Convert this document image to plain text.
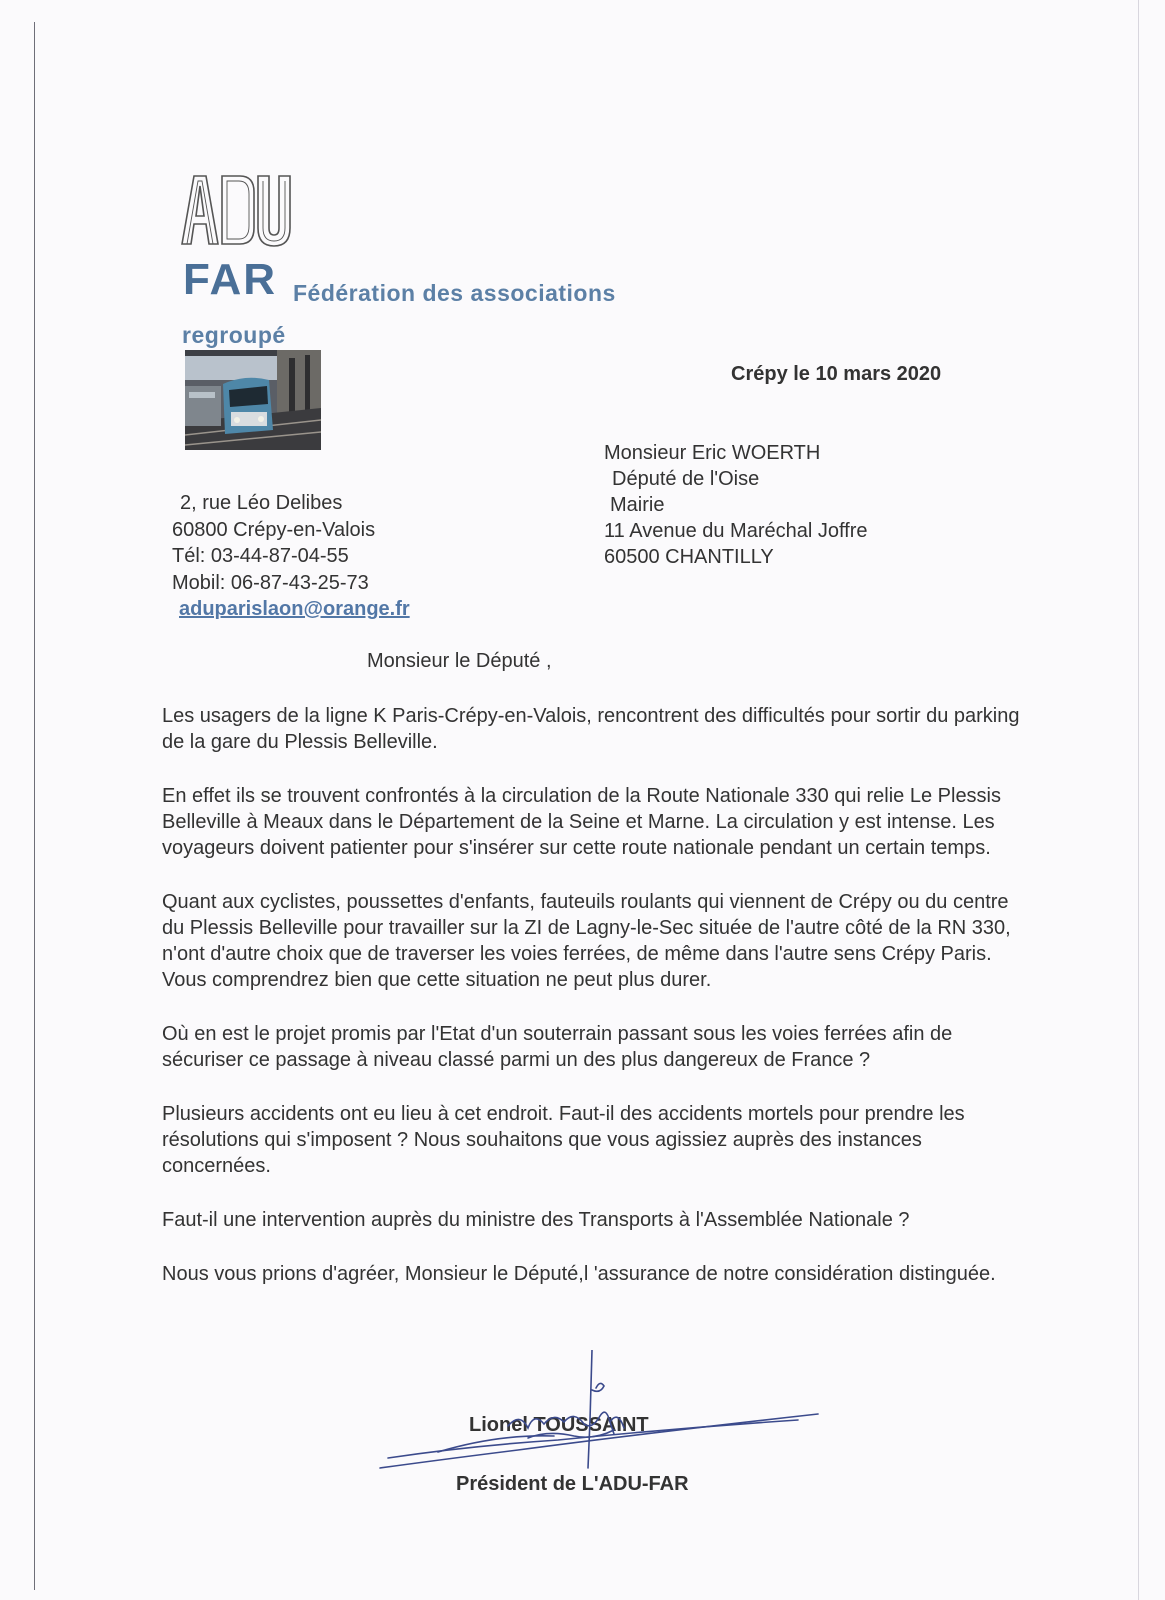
FAR Fédération des associations
regroupé
Crépy le 10 mars 2020
Monsieur Eric WOERTH
Député de l'Oise
Mairie
11 Avenue du Maréchal Joffre
60500 CHANTILLY
2, rue Léo Delibes
60800 Crépy-en-Valois
Tél: 03-44-87-04-55
Mobil: 06-87-43-25-73
aduparislaon@orange.fr
Monsieur le Député ,

Les usagers de la ligne K Paris-Crépy-en-Valois, rencontrent des difficultés pour sortir du parking de la gare du Plessis Belleville.

En effet ils se trouvent confrontés à la circulation de la Route Nationale 330 qui relie Le Plessis Belleville à Meaux dans le Département de la Seine et Marne. La circulation y est intense. Les voyageurs doivent patienter pour s'insérer sur cette route nationale pendant un certain temps.

Quant aux cyclistes, poussettes d'enfants, fauteuils roulants qui viennent de Crépy ou du centre du Plessis Belleville pour travailler sur la ZI de Lagny-le-Sec située de l'autre côté de la RN 330, n'ont d'autre choix que de traverser les voies ferrées, de même dans l'autre sens Crépy Paris. Vous comprendrez bien que cette situation ne peut plus durer.

Où en est le projet promis par l'Etat d'un souterrain passant sous les voies ferrées afin de sécuriser ce passage à niveau classé parmi un des plus dangereux de France ?

Plusieurs accidents ont eu lieu à cet endroit. Faut-il des accidents mortels pour prendre les résolutions qui s'imposent ? Nous souhaitons que vous agissiez auprès des instances concernées.

Faut-il une intervention auprès du ministre des Transports à l'Assemblée Nationale ?

Nous vous prions d'agréer, Monsieur le Député,l 'assurance de notre considération distinguée.

Lionel TOUSSAINT
Président de L'ADU-FAR
